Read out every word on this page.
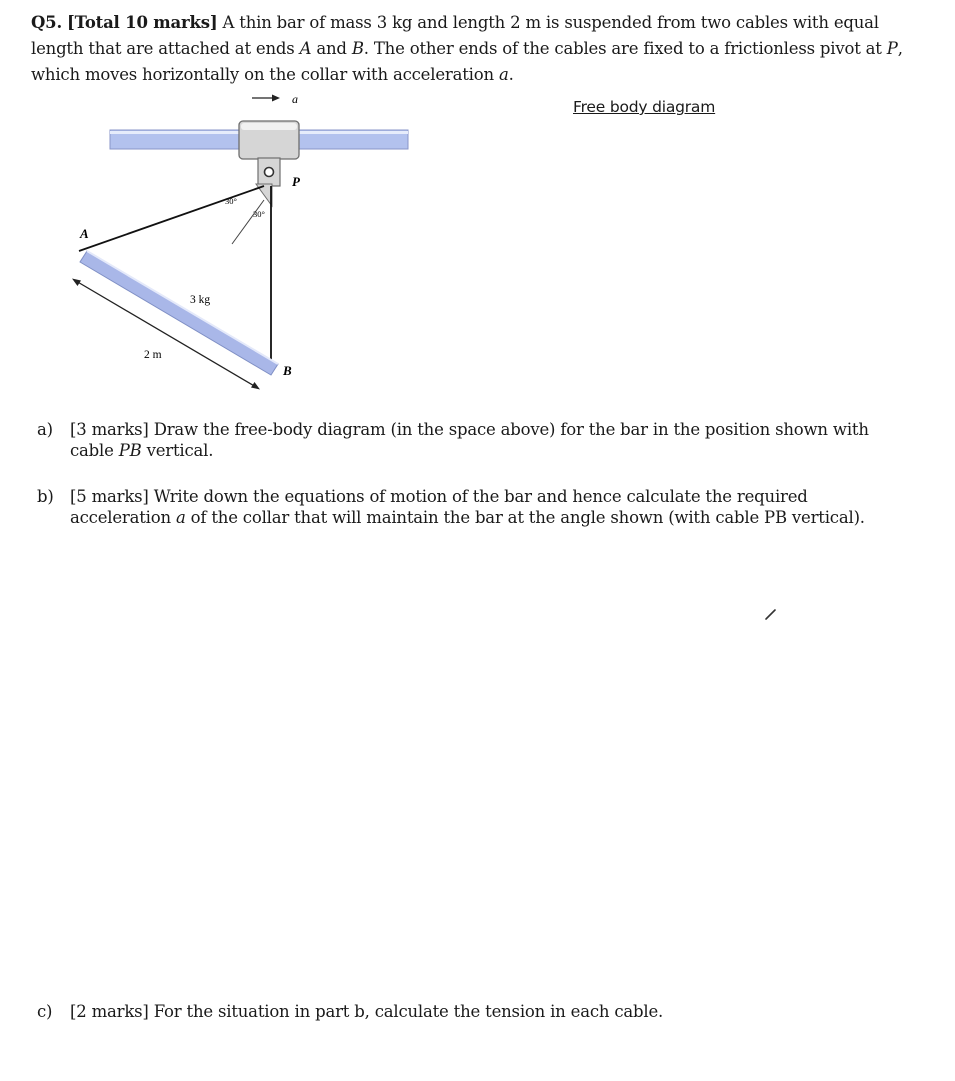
Q5. [Total 10 marks] A thin bar of mass 3 kg and length 2 m is suspended from two cables with equal
length that are attached at ends A and B. The other ends of the cables are fixed to a frictionless pivot at P,
which moves horizontally on the collar with acceleration a.
Free body diagram
a
P
30°
30°
A
B
3 kg
2 m
a) [3 marks] Draw the free-body diagram (in the space above) for the bar in the position shown with
cable PB vertical.
b) [5 marks] Write down the equations of motion of the bar and hence calculate the required
acceleration a of the collar that will maintain the bar at the angle shown (with cable PB vertical).
c) [2 marks] For the situation in part b, calculate the tension in each cable.
